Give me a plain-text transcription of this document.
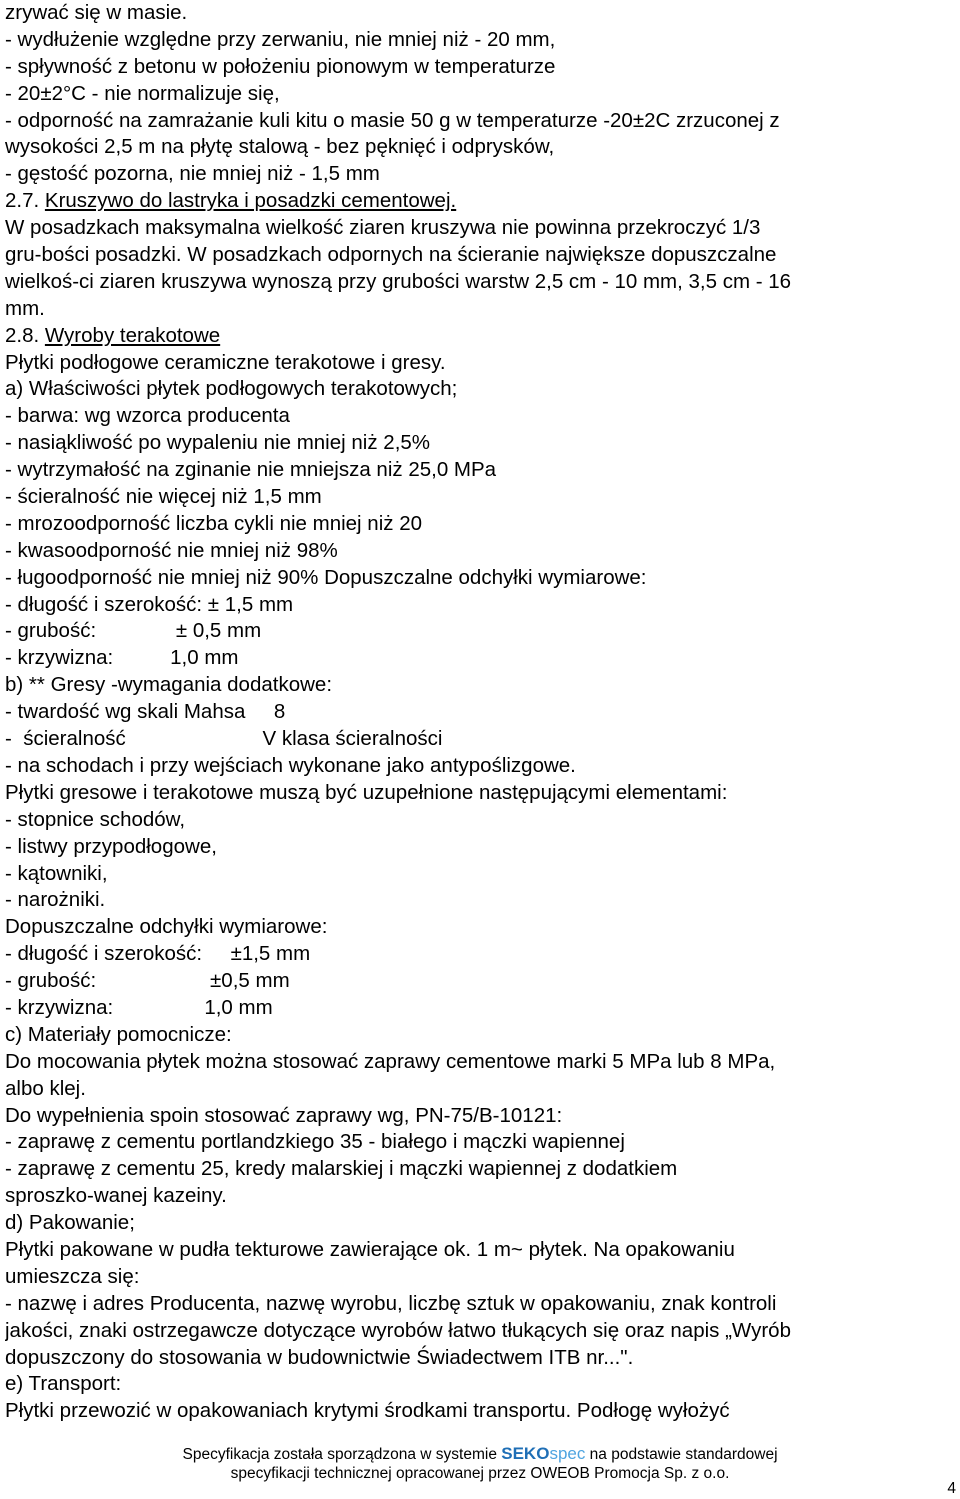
zrywać się w masie.
- wydłużenie względne przy zerwaniu, nie mniej niż - 20 mm,
- spływność z betonu w położeniu pionowym w temperaturze
- 20±2°C - nie normalizuje się,
- odporność na zamrażanie kuli kitu o masie 50 g w temperaturze -20±2C zrzuconej z
wysokości 2,5 m na płytę stalową - bez pęknięć i odprysków,
- gęstość pozorna, nie mniej niż - 1,5 mm
2.7. Kruszywo do lastryka i posadzki cementowej.
W posadzkach maksymalna wielkość ziaren kruszywa nie powinna przekroczyć 1/3
gru-bości posadzki. W posadzkach odpornych na ścieranie największe dopuszczalne
wielkoś-ci ziaren kruszywa wynoszą przy grubości warstw 2,5 cm - 10 mm, 3,5 cm - 16
mm.
2.8. Wyroby terakotowe
Płytki podłogowe ceramiczne terakotowe i gresy.
a) Właściwości płytek podłogowych terakotowych;
- barwa: wg wzorca producenta
- nasiąkliwość po wypaleniu nie mniej niż 2,5%
- wytrzymałość na zginanie nie mniejsza niż 25,0 MPa
- ścieralność nie więcej niż 1,5 mm
- mrozoodporność liczba cykli nie mniej niż 20
- kwasoodporność nie mniej niż 98%
- ługoodporność nie mniej niż 90% Dopuszczalne odchyłki wymiarowe:
- długość i szerokość: ± 1,5 mm
- grubość:              ± 0,5 mm
- krzywizna:          1,0 mm
b) ** Gresy -wymagania dodatkowe:
- twardość wg skali Mahsa     8
-  ścieralność                        V klasa ścieralności
- na schodach i przy wejściach wykonane jako antypoślizgowe.
Płytki gresowe i terakotowe muszą być uzupełnione następującymi elementami:
- stopnice schodów,
- listwy przypodłogowe,
- kątowniki,
- narożniki.
Dopuszczalne odchyłki wymiarowe:
- długość i szerokość:     ±1,5 mm
- grubość:                    ±0,5 mm
- krzywizna:                1,0 mm
c) Materiały pomocnicze:
Do mocowania płytek można stosować zaprawy cementowe marki 5 MPa lub 8 MPa,
albo klej.
Do wypełnienia spoin stosować zaprawy wg, PN-75/B-10121:
- zaprawę z cementu portlandzkiego 35 - białego i mączki wapiennej
- zaprawę z cementu 25, kredy malarskiej i mączki wapiennej z dodatkiem
sproszko-wanej kazeiny.
d) Pakowanie;
Płytki pakowane w pudła tekturowe zawierające ok. 1 m~ płytek. Na opakowaniu
umieszcza się:
- nazwę i adres Producenta, nazwę wyrobu, liczbę sztuk w opakowaniu, znak kontroli
jakości, znaki ostrzegawcze dotyczące wyrobów łatwo tłukących się oraz napis „Wyrób
dopuszczony do stosowania w budownictwie Świadectwem ITB nr...".
e) Transport:
Płytki przewozić w opakowaniach krytymi środkami transportu. Podłogę wyłożyć
Specyfikacja została sporządzona w systemie SEKOspec na podstawie standardowej
specyfikacji technicznej opracowanej przez OWEOB Promocja Sp. z o.o.
4
